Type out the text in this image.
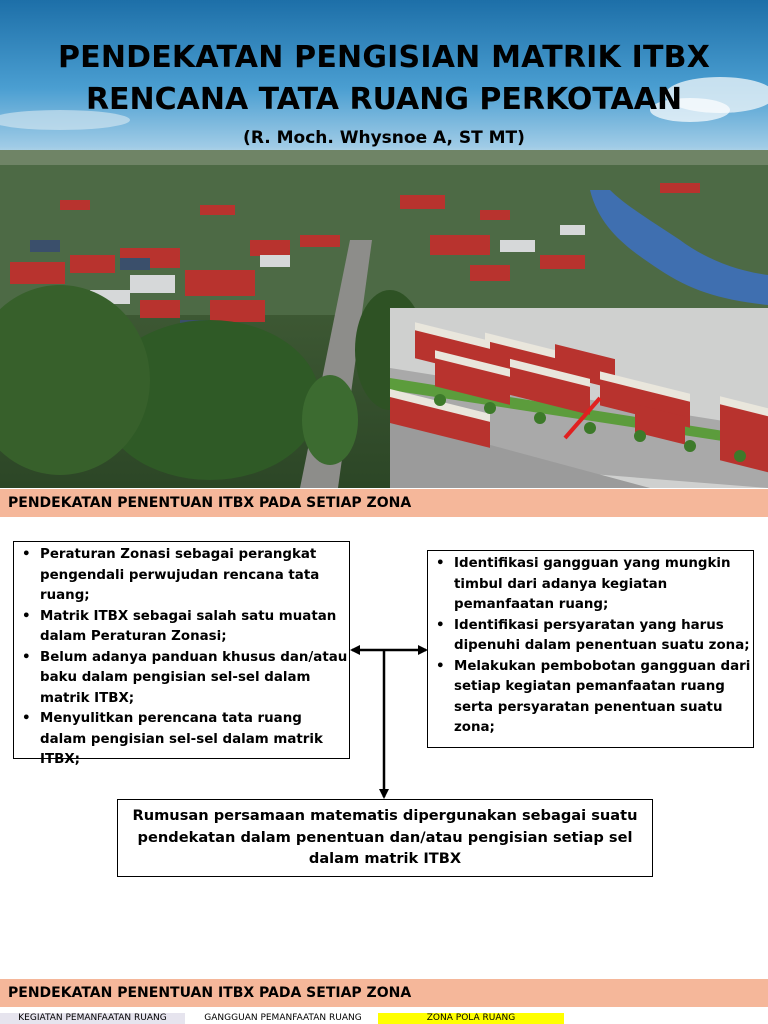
PENDEKATAN PENGISIAN MATRIK ITBX
RENCANA TATA RUANG PERKOTAAN
(R. Moch. Whysnoe A, ST MT)
PENDEKATAN PENENTUAN ITBX PADA SETIAP ZONA
• Peraturan Zonasi sebagai perangkat pengendali perwujudan rencana tata ruang;
• Matrik ITBX sebagai salah satu muatan dalam Peraturan Zonasi;
• Belum adanya panduan khusus dan/atau baku dalam pengisian sel-sel dalam matrik ITBX;
• Menyulitkan perencana tata ruang dalam pengisian sel-sel dalam matrik ITBX;
• Identifikasi gangguan yang mungkin timbul dari adanya kegiatan pemanfaatan ruang;
• Identifikasi persyaratan yang harus dipenuhi dalam penentuan suatu zona;
• Melakukan pembobotan gangguan dari setiap kegiatan pemanfaatan ruang serta persyaratan penentuan suatu zona;
Rumusan persamaan matematis dipergunakan sebagai suatu pendekatan dalam penentuan dan/atau pengisian setiap sel dalam matrik ITBX
PENDEKATAN PENENTUAN ITBX PADA SETIAP ZONA
KEGIATAN PEMANFAATAN RUANG	GANGGUAN PEMANFAATAN RUANG	ZONA POLA RUANG
